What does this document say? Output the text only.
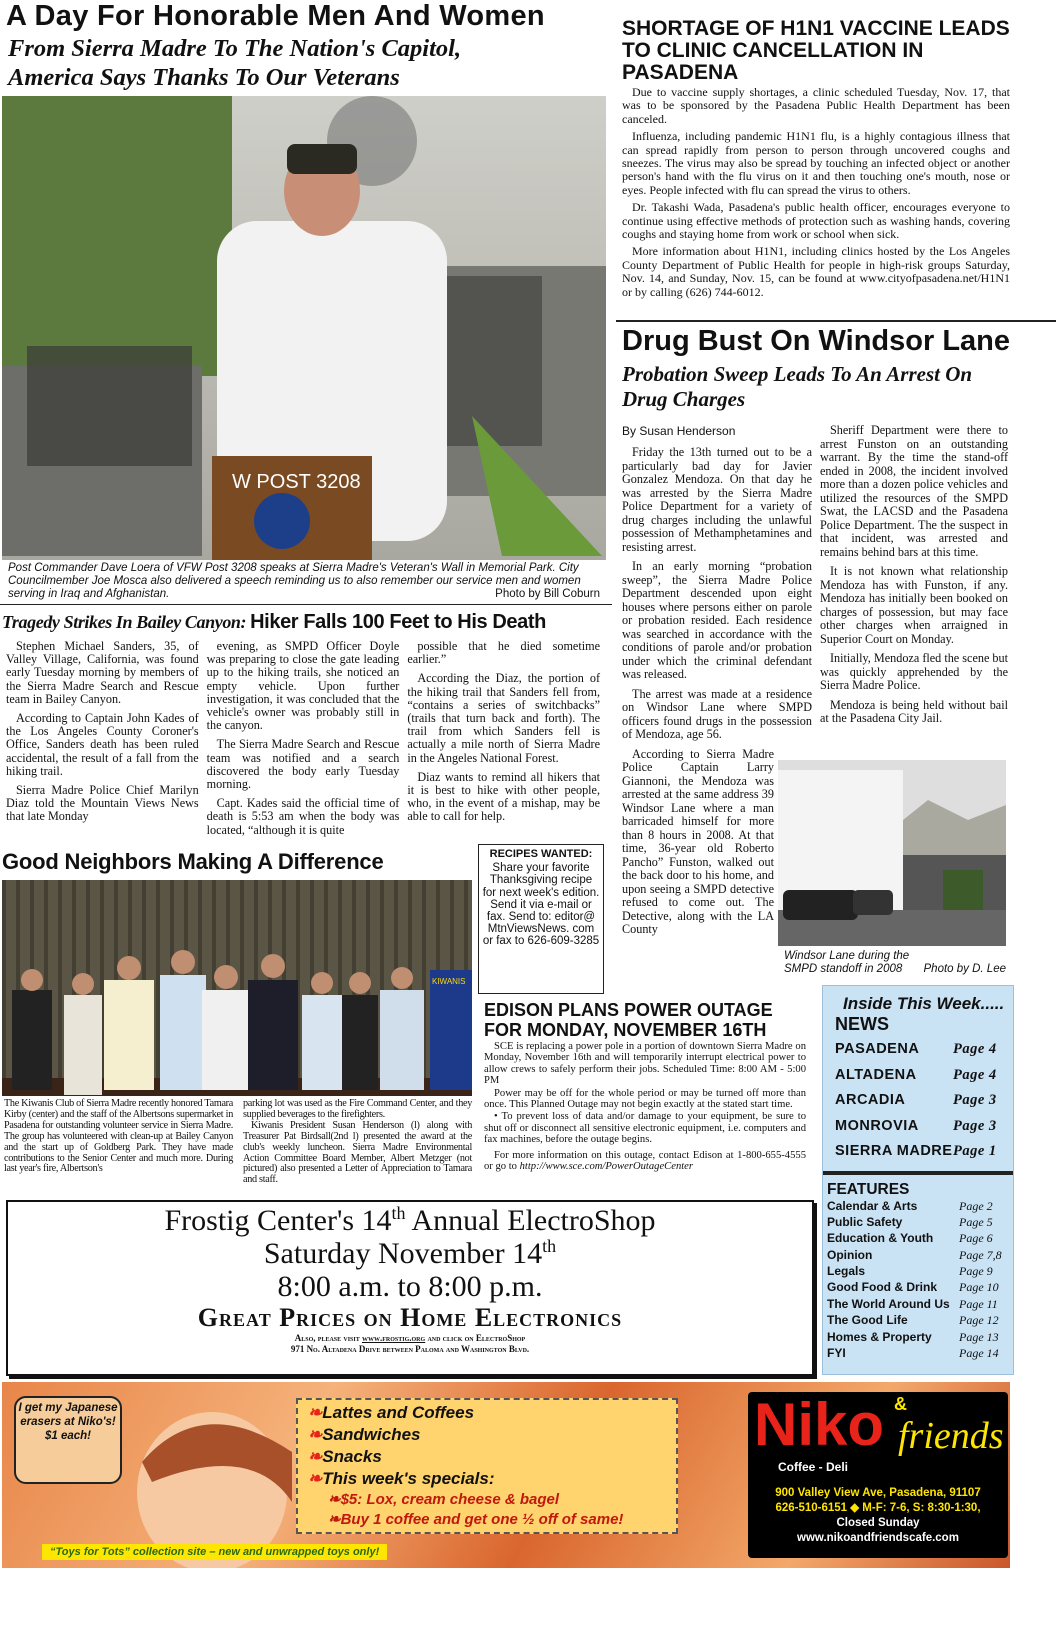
A Day For Honorable Men And Women
From Sierra Madre To The Nation's Capitol,
America Says Thanks To Our Veterans
W POST 3208
Post Commander Dave Loera of VFW Post 3208 speaks at Sierra Madre's Veteran's Wall in Memorial Park. City Councilmember Joe Mosca also delivered a speech reminding us to also remember our service men and women serving in Iraq and Afghanistan.	Photo by Bill Coburn
SHORTAGE OF H1N1 VACCINE LEADS TO CLINIC CANCELLATION IN PASADENA

Due to vaccine supply shortages, a clinic scheduled Tuesday, Nov. 17, that was to be sponsored by the Pasadena Public Health Department has been canceled.

Influenza, including pandemic H1N1 flu, is a highly contagious illness that can spread rapidly from person to person through uncovered coughs and sneezes. The virus may also be spread by touching an infected object or another person's hand with the flu virus on it and then touching one's mouth, nose or eyes. People infected with flu can spread the virus to others.

Dr. Takashi Wada, Pasadena's public health officer, encourages everyone to continue using effective methods of protection such as washing hands, covering coughs and staying home from work or school when sick.

More information about H1N1, including clinics hosted by the Los Angeles County Department of Public Health for people in high-risk groups Saturday, Nov. 14, and Sunday, Nov. 15, can be found at www.cityofpasadena.net/H1N1 or by calling (626) 744-6012.

Drug Bust On Windsor Lane
Probation Sweep Leads To An Arrest On Drug Charges
By Susan Henderson

Friday the 13th turned out to be a particularly bad day for Javier Gonzalez Mendoza. On that day he was arrested by the Sierra Madre Police Department for a variety of drug charges including the unlawful possession of Methamphetamines and resisting arrest.

In an early morning “probation sweep”, the Sierra Madre Police Department descended upon eight houses where persons either on parole or probation resided. Each residence was searched in accordance with the conditions of parole and/or probation under which the criminal defendant was released.

The arrest was made at a residence on Windsor Lane where SMPD officers found drugs in the possession of Mendoza, age 56.

According to Sierra Madre Police Captain Larry Giannoni, the Mendoza was arrested at the same address 39 Windsor Lane where a man barricaded himself for more than 8 hours in 2008. At that time, 36-year old Roberto Pancho” Funston, walked out the back door to his home, and upon seeing a SMPD detective refused to come out. The Detective, along with the LA County

Sheriff Department were there to arrest Funston on an outstanding warrant. By the time the stand-off ended in 2008, the incident involved more than a dozen police vehicles and utilized the resources of the SMPD Swat, the LACSD and the Pasadena Police Department. The the suspect in that incident, was arrested and remains behind bars at this time.

It is not known what relationship Mendoza has with Funston, if any. Mendoza has initially been booked on charges of possession, but may face other charges when arraigned in Superior Court on Monday.

Initially, Mendoza fled the scene but was quickly apprehended by the Sierra Madre Police.

Mendoza is being held without bail at the Pasadena City Jail.

Windsor Lane during the SMPD standoff in 2008	Photo by D. Lee
Tragedy Strikes In Bailey Canyon: Hiker Falls 100 Feet to His Death

Stephen Michael Sanders, 35, of Valley Village, California, was found early Tuesday morning by members of the Sierra Madre Search and Rescue team in Bailey Canyon.

According to Captain John Kades of the Los Angeles County Coroner's Office, Sanders death has been ruled accidental, the result of a fall from the hiking trail.

Sierra Madre Police Chief Marilyn Diaz told the Mountain Views News that late Monday

evening, as SMPD Officer Doyle was preparing to close the gate leading up to the hiking trails, she noticed an empty vehicle. Upon further investigation, it was concluded that the vehicle's owner was probably still in the canyon.

The Sierra Madre Search and Rescue team was notified and a search discovered the body early Tuesday morning.

Capt. Kades said the official time of death is 5:53 am when the body was located, “although it is quite

possible that he died sometime earlier.”

According the Diaz, the portion of the hiking trail that Sanders fell from, “contains a series of switchbacks” (trails that turn back and forth). The trail from which Sanders fell is actually a mile north of Sierra Madre in the Angeles National Forest.

Diaz wants to remind all hikers that it is best to hike with other people, who, in the event of a mishap, may be able to call for help.

Good Neighbors Making A Difference
KIWANIS
The Kiwanis Club of Sierra Madre recently honored Tamara Kirby (center) and the staff of the Albertsons supermarket in Pasadena for outstanding volunteer service in Sierra Madre. The group has volunteered with clean-up at Bailey Canyon and the start up of Goldberg Park. They have made contributions to the Senior Center and much more. During last year's fire, Albertson's
parking lot was used as the Fire Command Center, and they supplied beverages to the firefighters.
Kiwanis President Susan Henderson (l) along with Treasurer Pat Birdsall(2nd l) presented the award at the club's weekly luncheon. Sierra Madre Environmental Action Committee Board Member, Albert Metzger (not pictured) also presented a Letter of Appreciation to Tamara and staff.
RECIPES WANTED:
Share your favorite Thanksgiving recipe for next week's edition. Send it via e-mail or fax. Send to: editor@ MtnViewsNews. com or fax to 626-609-3285
EDISON PLANS POWER OUTAGE FOR MONDAY, NOVEMBER 16TH

SCE is replacing a power pole in a portion of downtown Sierra Madre on Monday, November 16th and will temporarily interrupt electrical power to allow crews to safely perform their jobs. Scheduled Time: 8:00 AM - 5:00 PM

Power may be off for the whole period or may be turned off more than once. This Planned Outage may not begin exactly at the stated start time.

• To prevent loss of data and/or damage to your equipment, be sure to shut off or disconnect all sensitive electronic equipment, i.e. computers and fax machines, before the outage begins.

For more information on this outage, contact Edison at 1-800-655-4555 or go to http://www.sce.com/PowerOutageCenter

Inside This Week.....
NEWS
PASADENA	Page 4
ALTADENA	Page 4
ARCADIA	Page 3
MONROVIA	Page 3
SIERRA MADRE Page 1
FEATURES
Calendar & Arts	Page 2
Public Safety	Page 5
Education & Youth	Page 6
Opinion	Page 7,8
Legals	Page 9
Good Food & Drink	Page 10
The World Around Us Page 11
The Good Life	Page 12
Homes & Property	Page 13
FYI	Page 14
Frostig Center's 14th Annual ElectroShop
Saturday November 14th
8:00 a.m. to 8:00 p.m.
Great Prices on Home Electronics
Also, please visit www.frostig.org and click on ElectroShop
971 No. Altadena Drive between Paloma and Washington Blvd.
I get my Japanese erasers at Niko's! $1 each!
❧Lattes and Coffees
❧Sandwiches
❧Snacks
❧This week's specials:
❧$5: Lox, cream cheese & bagel
❧Buy 1 coffee and get one ½ off of same!
“Toys for Tots” collection site – new and unwrapped toys only!
Niko &
friends
Coffee - Deli
900 Valley View Ave, Pasadena, 91107
626-510-6151 ◆ M-F: 7-6, S: 8:30-1:30,
Closed Sunday
www.nikoandfriendscafe.com
